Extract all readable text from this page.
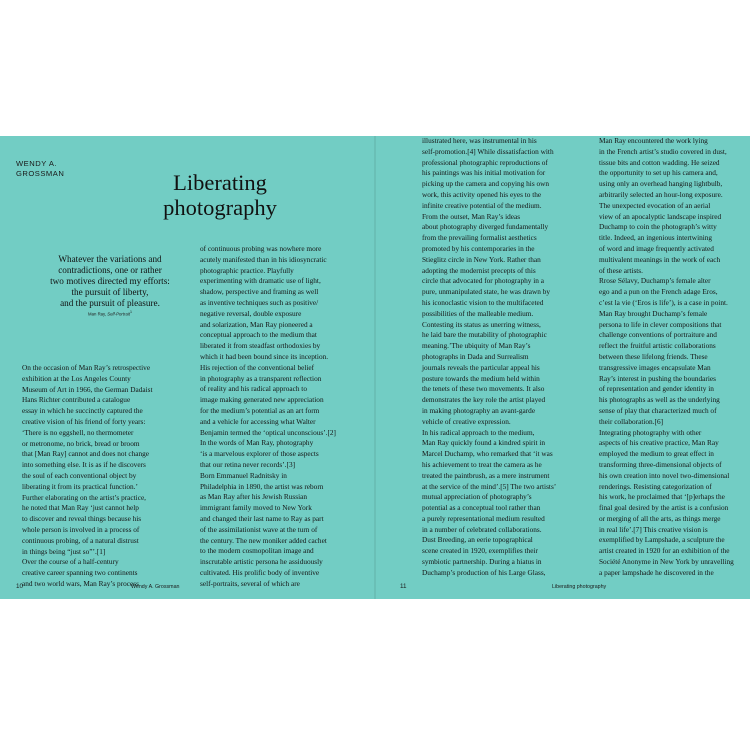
WENDY A.
GROSSMAN	Liberating
photography
Whatever the variations and
contradictions, one or rather
two motives directed my efforts:
the pursuit of liberty,
and the pursuit of pleasure.
Man Ray, Self-Portrait$^1$
On the occasion of Man Ray’s retrospective
exhibition at the Los Angeles County
Museum of Art in 1966, the German Dadaist
Hans Richter contributed a catalogue
essay in which he succinctly captured the
creative vision of his friend of forty years:
‘There is no eggshell, no thermometer
or metronome, no brick, bread or broom
that [Man Ray] cannot and does not change
into something else. It is as if he discovers
the soul of each conventional object by
liberating it from its practical function.’
Further elaborating on the artist’s practice,
he noted that Man Ray ‘just cannot help
to discover and reveal things because his
whole person is involved in a process of
continuous probing, of a natural distrust
in things being “just so”’.[1]
Over the course of a half-century
creative career spanning two continents
and two world wars, Man Ray’s process
of continuous probing was nowhere more
acutely manifested than in his idiosyncratic
photographic practice. Playfully
experimenting with dramatic use of light,
shadow, perspective and framing as well
as inventive techniques such as positive/
negative reversal, double exposure
and solarization, Man Ray pioneered a
conceptual approach to the medium that
liberated it from steadfast orthodoxies by
which it had been bound since its inception.
His rejection of the conventional belief
in photography as a transparent reflection
of reality and his radical approach to
image making generated new appreciation
for the medium’s potential as an art form
and a vehicle for accessing what Walter
Benjamin termed the ‘optical unconscious’.[2]
In the words of Man Ray, photography
‘is a marvelous explorer of those aspects
that our retina never records’.[3]
Born Emmanuel Radnitsky in
Philadelphia in 1890, the artist was reborn
as Man Ray after his Jewish Russian
immigrant family moved to New York
and changed their last name to Ray as part
of the assimilationist wave at the turn of
the century. The new moniker added cachet
to the modern cosmopolitan image and
inscrutable artistic persona he assiduously
cultivated. His prolific body of inventive
self-portraits, several of which are
10	Wendy A. Grossman
illustrated here, was instrumental in his
self-promotion.[4] While dissatisfaction with
professional photographic reproductions of
his paintings was his initial motivation for
picking up the camera and copying his own
work, this activity opened his eyes to the
infinite creative potential of the medium.
From the outset, Man Ray’s ideas
about photography diverged fundamentally
from the prevailing formalist aesthetics
promoted by his contemporaries in the
Stieglitz circle in New York. Rather than
adopting the modernist precepts of this
circle that advocated for photography in a
pure, unmanipulated state, he was drawn by
his iconoclastic vision to the multifaceted
possibilities of the malleable medium.
Contesting its status as unerring witness,
he laid bare the mutability of photographic
meaning.’The ubiquity of Man Ray’s
photographs in Dada and Surrealism
journals reveals the particular appeal his
posture towards the medium held within
the tenets of these two movements. It also
demonstrates the key role the artist played
in making photography an avant-garde
vehicle of creative expression.
In his radical approach to the medium,
Man Ray quickly found a kindred spirit in
Marcel Duchamp, who remarked that ‘it was
his achievement to treat the camera as he
treated the paintbrush, as a mere instrument
at the service of the mind’.[5] The two artists’
mutual appreciation of photography’s
potential as a conceptual tool rather than
a purely representational medium resulted
in a number of celebrated collaborations.
Dust Breeding, an eerie topographical
scene created in 1920, exemplifies their
symbiotic partnership. During a hiatus in
Duchamp’s production of his Large Glass,
Man Ray encountered the work lying
in the French artist’s studio covered in dust,
tissue bits and cotton wadding. He seized
the opportunity to set up his camera and,
using only an overhead hanging lightbulb,
arbitrarily selected an hour-long exposure.
The unexpected evocation of an aerial
view of an apocalyptic landscape inspired
Duchamp to coin the photograph’s witty
title. Indeed, an ingenious intertwining
of word and image frequently activated
multivalent meanings in the work of each
of these artists.
Rrose Sélavy, Duchamp’s female alter
ego and a pun on the French adage Eros,
c’est la vie (‘Eros is life’), is a case in point.
Man Ray brought Duchamp’s female
persona to life in clever compositions that
challenge conventions of portraiture and
reflect the fruitful artistic collaborations
between these lifelong friends. These
transgressive images encapsulate Man
Ray’s interest in pushing the boundaries
of representation and gender identity in
his photographs as well as the underlying
sense of play that characterized much of
their collaboration.[6]
Integrating photography with other
aspects of his creative practice, Man Ray
employed the medium to great effect in
transforming three-dimensional objects of
his own creation into novel two-dimensional
renderings. Resisting categorization of
his work, he proclaimed that ‘[p]erhaps the
final goal desired by the artist is a confusion
or merging of all the arts, as things merge
in real life’.[7] This creative vision is
exemplified by Lampshade, a sculpture the
artist created in 1920 for an exhibition of the
Société Anonyme in New York by unravelling
a paper lampshade he discovered in the
11	Liberating photography
